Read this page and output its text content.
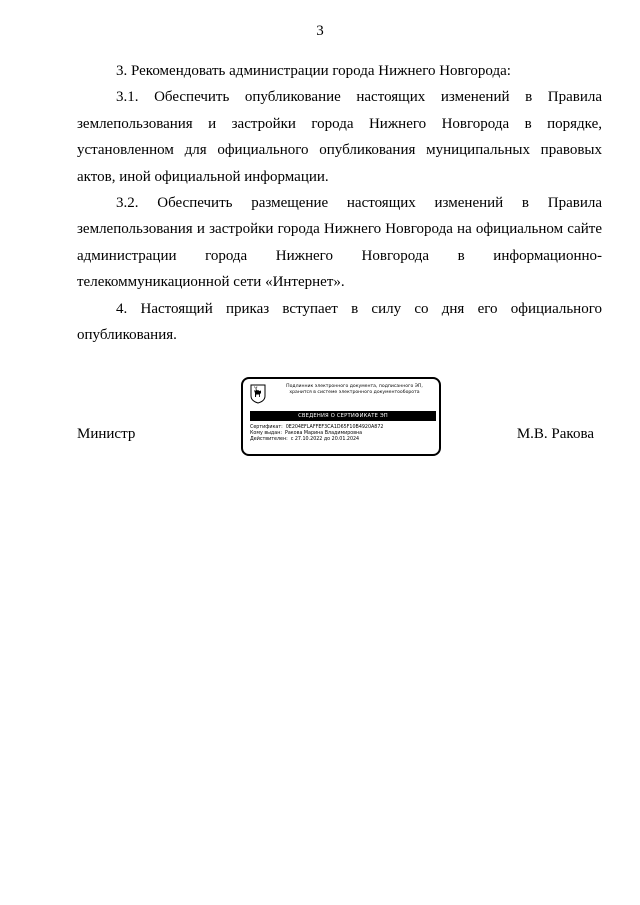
3

3. Рекомендовать администрации города Нижнего Новгорода:

3.1. Обеспечить опубликование настоящих изменений в Правила землепользования и застройки города Нижнего Новгорода в порядке, установленном для официального опубликования муниципальных правовых актов, иной официальной информации.

3.2. Обеспечить размещение настоящих изменений в Правила землепользования и застройки города Нижнего Новгорода на официальном сайте администрации города Нижнего Новгорода в информационно-телекоммуникационной сети «Интернет».

4. Настоящий приказ вступает в силу со дня его официального опубликования.

Министр	М.В. Ракова
Подлинник электронного документа, подписанного ЭП,
хранится в системе электронного документооборота
СВЕДЕНИЯ О СЕРТИФИКАТЕ ЭП
Сертификат: 0E204EFLAFFEF3CA1D65F10B4920A872
Кому выдан: Ракова Марина Владимировна
Действителен: с 27.10.2022 до 20.01.2024
